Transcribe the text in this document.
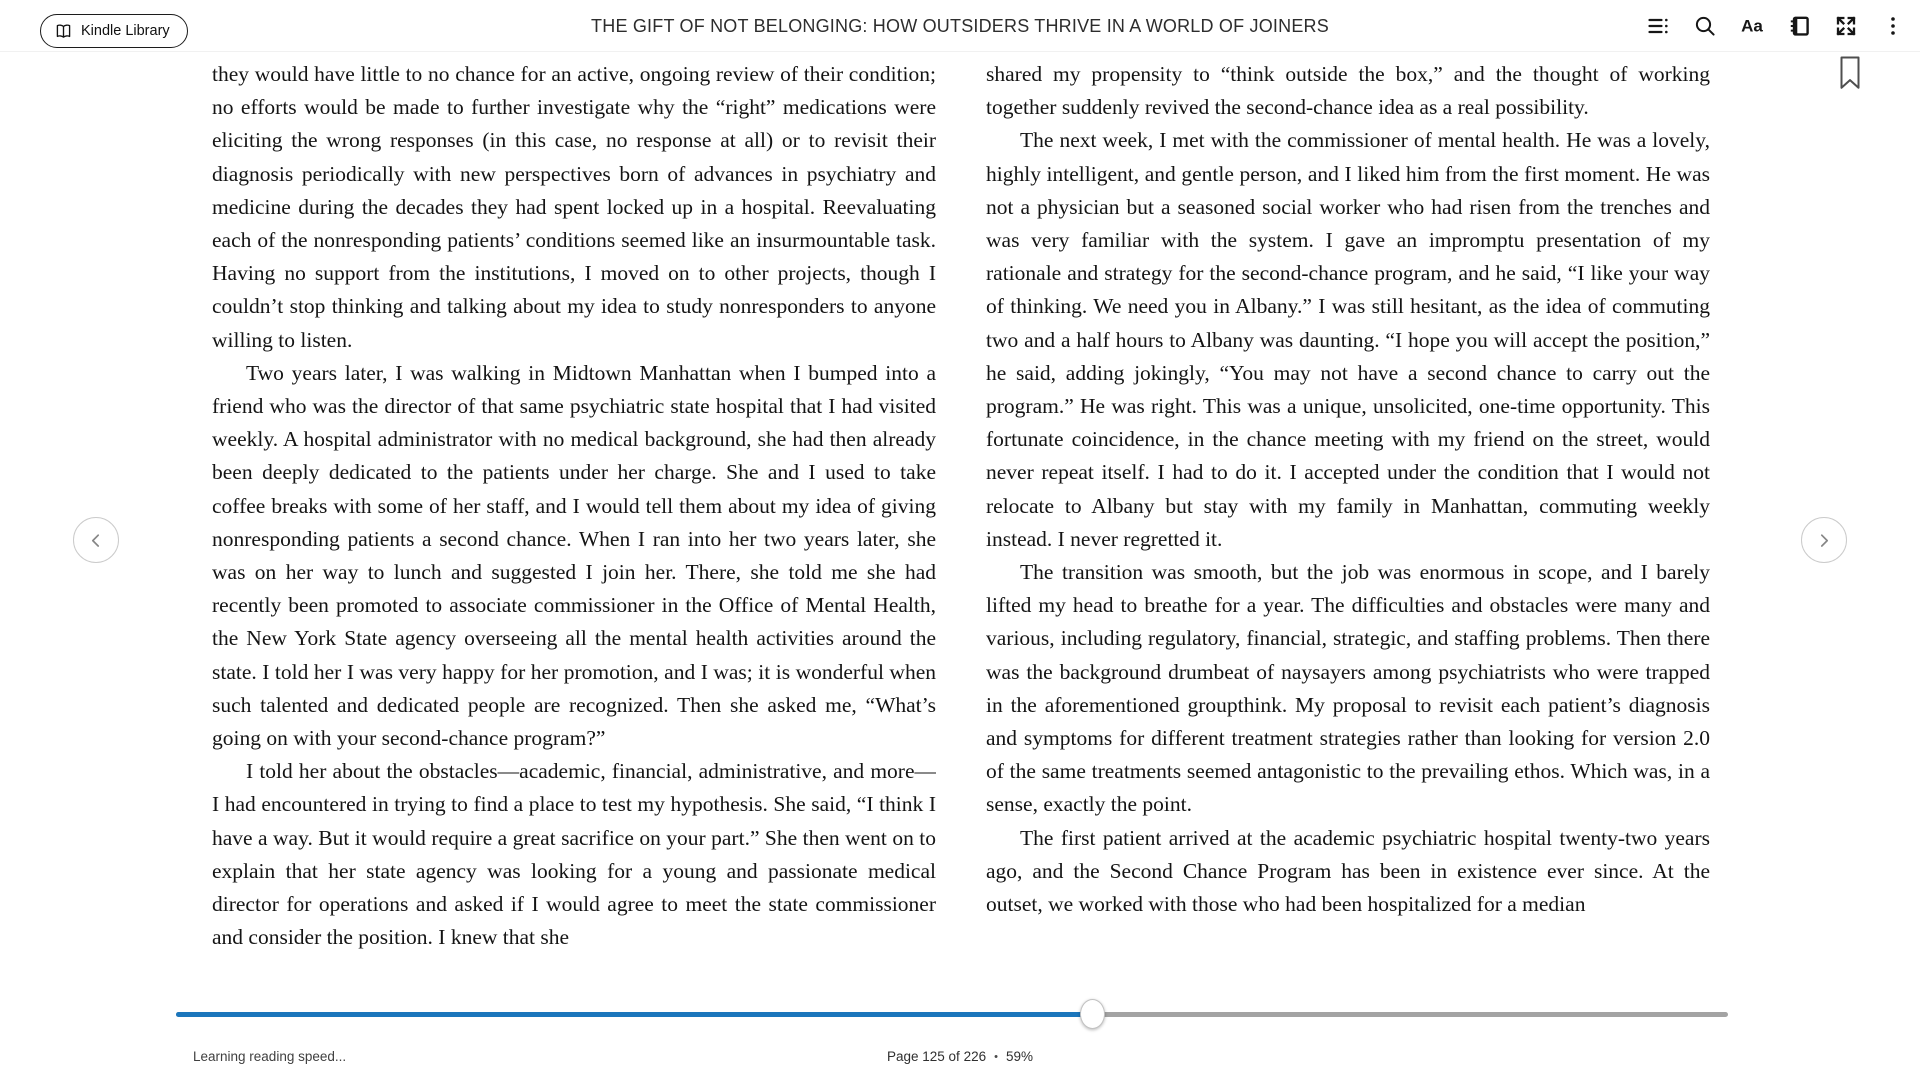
Kindle Library	THE GIFT OF NOT BELONGING: HOW OUTSIDERS THRIVE IN A WORLD OF JOINERS	Aa

they would have little to no chance for an active, ongoing review of their condition; no efforts would be made to further investigate why the “right” medications were eliciting the wrong responses (in this case, no response at all) or to revisit their diagnosis periodically with new perspectives born of advances in psychiatry and medicine during the decades they had spent locked up in a hospital. Reevaluating each of the nonresponding patients’ conditions seemed like an insurmountable task. Having no support from the institutions, I moved on to other projects, though I couldn’t stop thinking and talking about my idea to study nonresponders to anyone willing to listen.

Two years later, I was walking in Midtown Manhattan when I bumped into a friend who was the director of that same psychiatric state hospital that I had visited weekly. A hospital administrator with no medical background, she had then already been deeply dedicated to the patients under her charge. She and I used to take coffee breaks with some of her staff, and I would tell them about my idea of giving nonresponding patients a second chance. When I ran into her two years later, she was on her way to lunch and suggested I join her. There, she told me she had recently been promoted to associate commissioner in the Office of Mental Health, the New York State agency overseeing all the mental health activities around the state. I told her I was very happy for her promotion, and I was; it is wonderful when such talented and dedicated people are recognized. Then she asked me, “What’s going on with your second-chance program?”

I told her about the obstacles—academic, financial, administrative, and more—I had encountered in trying to find a place to test my hypothesis. She said, “I think I have a way. But it would require a great sacrifice on your part.” She then went on to explain that her state agency was looking for a young and passionate medical director for operations and asked if I would agree to meet the state commissioner and consider the position. I knew that she

shared my propensity to “think outside the box,” and the thought of working together suddenly revived the second-chance idea as a real possibility.

The next week, I met with the commissioner of mental health. He was a lovely, highly intelligent, and gentle person, and I liked him from the first moment. He was not a physician but a seasoned social worker who had risen from the trenches and was very familiar with the system. I gave an impromptu presentation of my rationale and strategy for the second-chance program, and he said, “I like your way of thinking. We need you in Albany.” I was still hesitant, as the idea of commuting two and a half hours to Albany was daunting. “I hope you will accept the position,” he said, adding jokingly, “You may not have a second chance to carry out the program.” He was right. This was a unique, unsolicited, one-time opportunity. This fortunate coincidence, in the chance meeting with my friend on the street, would never repeat itself. I had to do it. I accepted under the condition that I would not relocate to Albany but stay with my family in Manhattan, commuting weekly instead. I never regretted it.

The transition was smooth, but the job was enormous in scope, and I barely lifted my head to breathe for a year. The difficulties and obstacles were many and various, including regulatory, financial, strategic, and staffing problems. Then there was the background drumbeat of naysayers among psychiatrists who were trapped in the aforementioned groupthink. My proposal to revisit each patient’s diagnosis and symptoms for different treatment strategies rather than looking for version 2.0 of the same treatments seemed antagonistic to the prevailing ethos. Which was, in a sense, exactly the point.

The first patient arrived at the academic psychiatric hospital twenty-two years ago, and the Second Chance Program has been in existence ever since. At the outset, we worked with those who had been hospitalized for a median

Learning reading speed...	Page 125 of 226 • 59%
